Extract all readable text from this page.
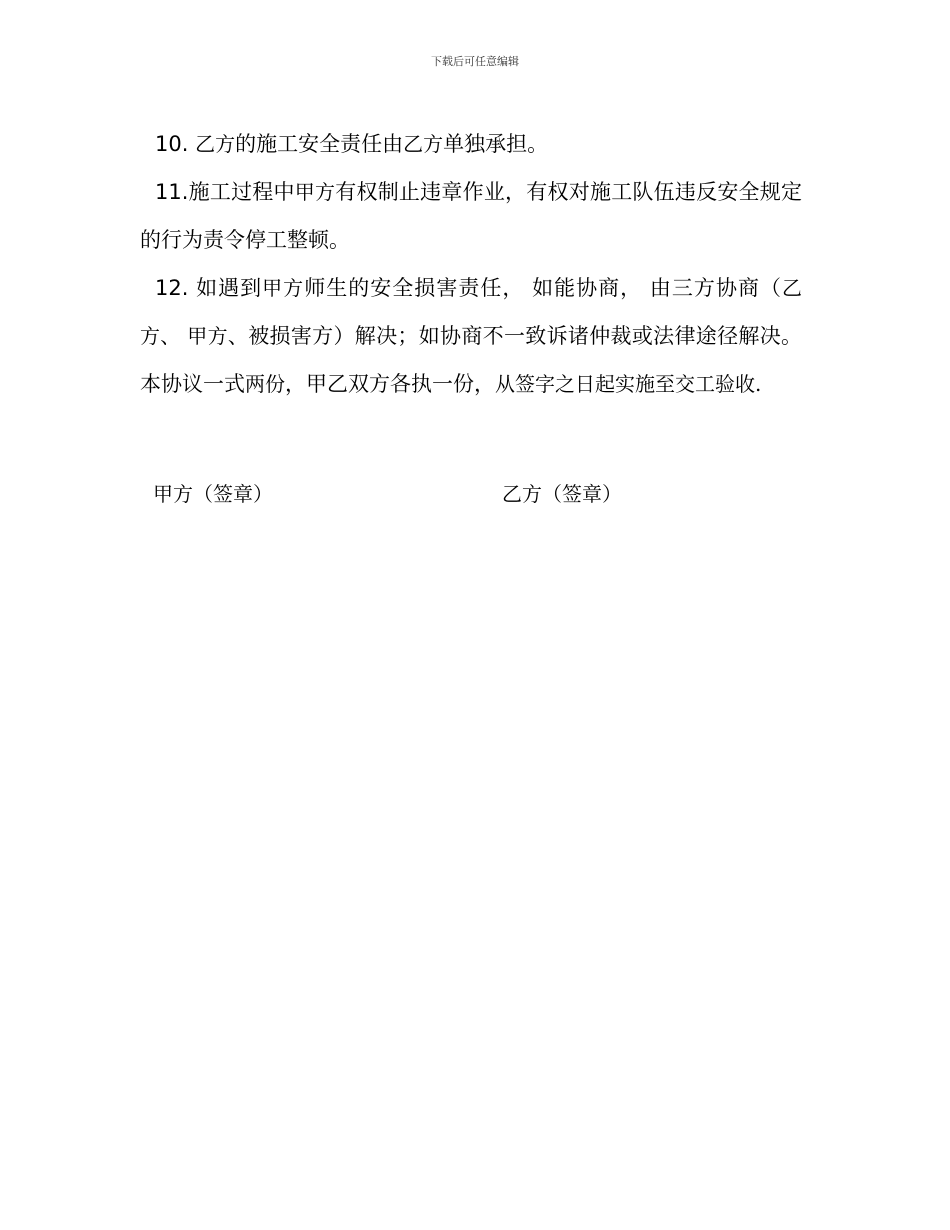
下载后可任意编辑

10. 乙方的施工安全责任由乙方单独承担。

11.施工过程中甲方有权制止违章作业，有权对施工队伍违反安全规定的行为责令停工整顿。

12. 如遇到甲方师生的安全损害责任， 如能协商， 由三方协商（乙方、 甲方、被损害方）解决；如协商不一致诉诸仲裁或法律途径解决。 本协议一式两份，甲乙双方各执一份，从签字之日起实施至交工验收.

甲方（签章）	乙方（签章）
